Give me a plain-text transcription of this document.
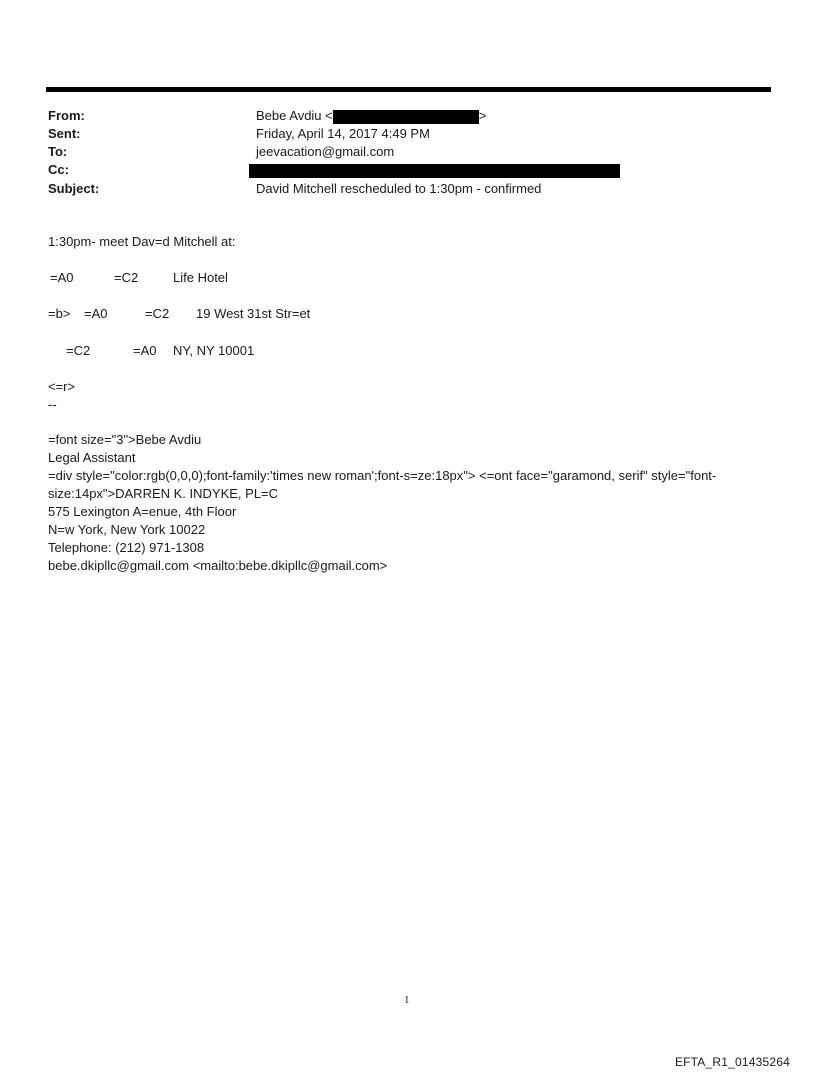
From:	Bebe Avdiu <	>
Sent:	Friday, April 14, 2017 4:49 PM
To:	jeevacation@gmail.com
Cc:
Subject:	David Mitchell rescheduled to 1:30pm - confirmed
1:30pm- meet Dav=d Mitchell at:
=A0	=C2	Life Hotel
=b> =A0	=C2 19 West 31st Str=et
=C2	=A0 NY, NY 10001
<=r>
--
=font size="3">Bebe Avdiu
Legal Assistant
=div style="color:rgb(0,0,0);font-family:'times new roman';font-s=ze:18px"> <=ont face="garamond, serif" style="font-
size:14px">DARREN K. INDYKE, PL=C
575 Lexington A=enue, 4th Floor
N=w York, New York 10022
Telephone: (212) 971-1308
bebe.dkipllc@gmail.com <mailto:bebe.dkipllc@gmail.com>
1
EFTA_R1_01435264
